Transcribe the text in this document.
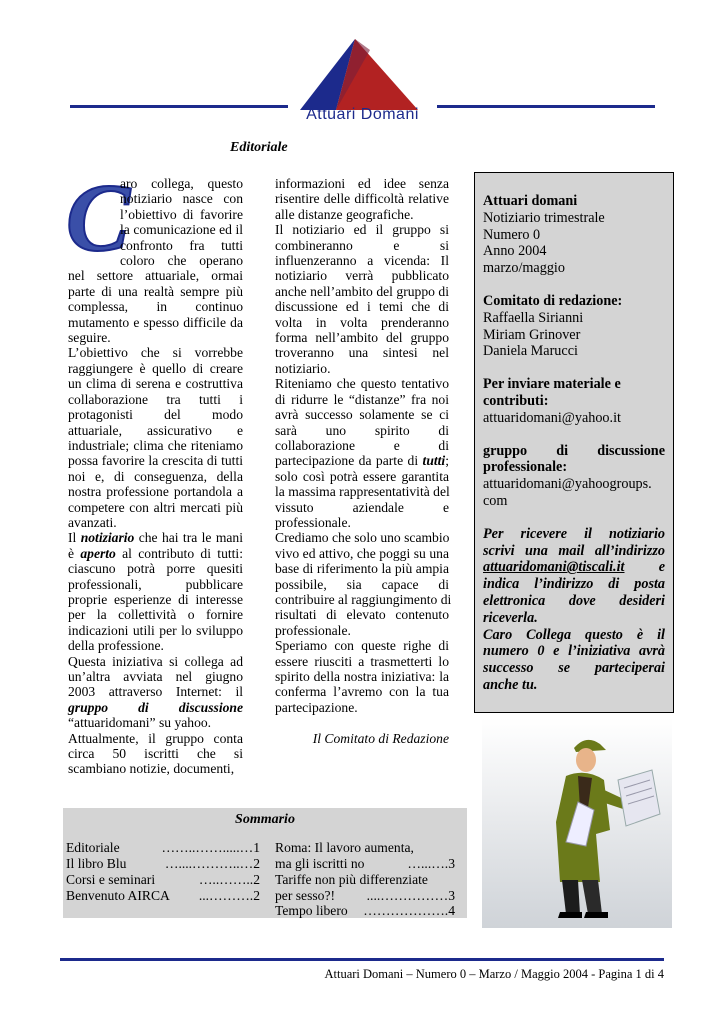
Attuari Domani
Editoriale
C
aro collega, questo
notiziario nasce con
l’obiettivo di favorire
la comunicazione ed il
confronto fra tutti
coloro che operano
nel settore attuariale, ormai
parte di una realtà sempre più
complessa, in continuo
mutamento e spesso difficile da
seguire.
L’obiettivo che si vorrebbe
raggiungere è quello di creare
un clima di serena e costruttiva
collaborazione tra tutti i
protagonisti del modo
attuariale, assicurativo e
industriale; clima che riteniamo
possa favorire la crescita di tutti
noi e, di conseguenza, della
nostra professione portandola a
competere con altri mercati più
avanzati.
Il notiziario che hai tra le mani
è aperto al contributo di tutti:
ciascuno potrà porre quesiti
professionali, pubblicare
proprie esperienze di interesse
per la collettività o fornire
indicazioni utili per lo sviluppo
della professione.
Questa iniziativa si collega ad
un’altra avviata nel giugno
2003 attraverso Internet: il
gruppo di discussione
“attuaridomani” su yahoo.
Attualmente, il gruppo conta
circa 50 iscritti che si
scambiano notizie, documenti,
informazioni ed idee senza
risentire delle difficoltà relative
alle distanze geografiche.
Il notiziario ed il gruppo si
combineranno e si
influenzeranno a vicenda: Il
notiziario verrà pubblicato
anche nell’ambito del gruppo di
discussione ed i temi che di
volta in volta prenderanno
forma nell’ambito del gruppo
troveranno una sintesi nel
notiziario.
Riteniamo che questo tentativo
di ridurre le “distanze” fra noi
avrà successo solamente se ci
sarà uno spirito di
collaborazione e di
partecipazione da parte di tutti;
solo così potrà essere garantita
la massima rappresentatività del
vissuto aziendale e
professionale.
Crediamo che solo uno scambio
vivo ed attivo, che poggi su una
base di riferimento la più ampia
possibile, sia capace di
contribuire al raggiungimento di
risultati di elevato contenuto
professionale.
Speriamo con queste righe di
essere riusciti a trasmetterti lo
spirito della nostra iniziativa: la
conferma l’avremo con la tua
partecipazione.
Il Comitato di Redazione
Attuari domani
Notiziario trimestrale
Numero 0
Anno 2004
marzo/maggio
Comitato di redazione:
Raffaella Sirianni
Miriam Grinover
Daniela Marucci
Per inviare materiale e
contributi:
attuaridomani@yahoo.it
gruppo di discussione
professionale:
attuaridomani@yahoogroups.
com
Per ricevere il notiziario
scrivi una mail all’indirizzo
attuaridomani@tiscali.it e
indica l’indirizzo di posta
elettronica dove desideri
riceverla.
Caro Collega questo è il
numero 0 e l’iniziativa avrà
successo se parteciperai
anche tu.
Sommario
Editoriale	……..…….....…1
Il libro Blu	…....………..…2
Corsi e seminari	…..……..2
Benvenuto AIRCA	...……….2
Roma: Il lavoro aumenta,
ma gli iscritti no	…...….3
Tariffe non più differenziate
per sesso?!	....……………3
Tempo libero	……………….4
Attuari Domani – Numero 0 – Marzo / Maggio 2004 - Pagina 1 di 4
